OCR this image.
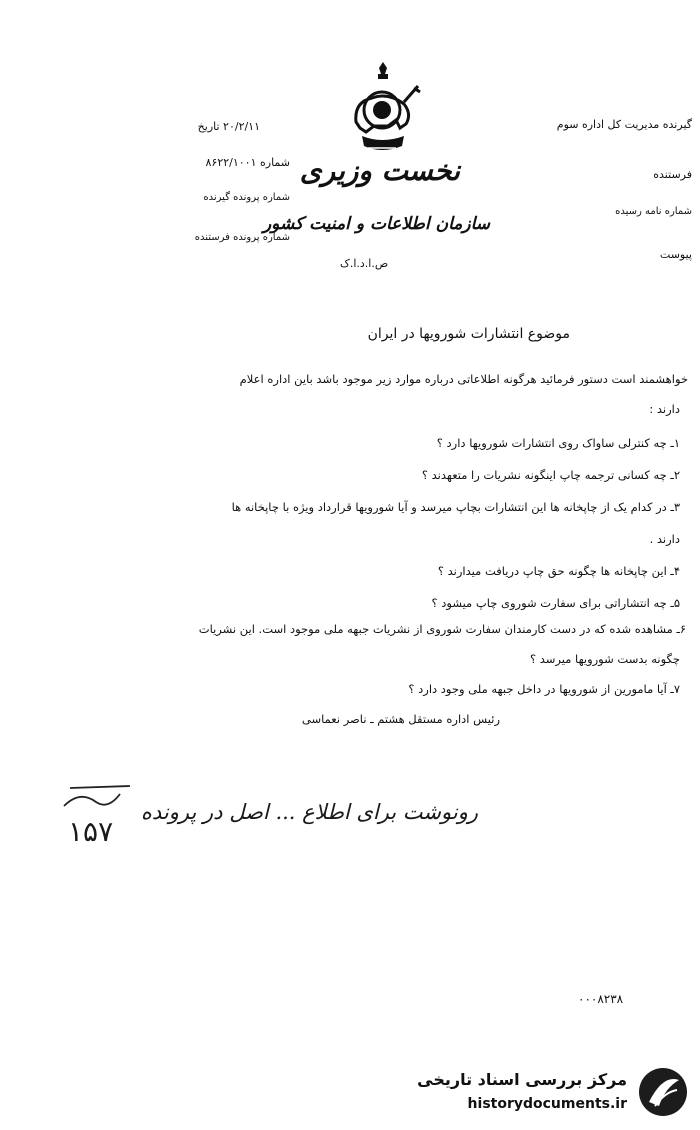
نخست وزیری
سازمان اطلاعات و امنیت کشور
ص.ا.د.ا.ک
گیرنده مدیریت کل اداره سوم
فرستنده
شماره نامه رسیده
پیوست
۲۰/۲/۱۱ تاریخ
شماره ۸۶۲۲/۱۰۰۱
شماره پرونده گیرنده
شماره پرونده فرستنده
موضوع انتشارات شورویها در ایران
خواهشمند است دستور فرمائید هرگونه اطلاعاتی درباره موارد زیر موجود باشد باین اداره اعلام
دارند :
۱ـ چه کنترلی ساواک روی انتشارات شورویها دارد ؟
۲ـ چه کسانی ترجمه چاپ اینگونه نشریات را متعهدند ؟
۳ـ در کدام یک از چاپخانه ها این انتشارات بچاپ میرسد و آیا شورویها قرارداد ویژه با چاپخانه ها
دارند .
۴ـ این چاپخانه ها چگونه حق چاپ دریافت میدارند ؟
۵ـ چه انتشاراتی برای سفارت شوروی چاپ میشود ؟
۶ـ مشاهده شده که در دست کارمندان سفارت شوروی از نشریات جبهه ملی موجود است. این نشریات
چگونه بدست شورویها میرسد ؟
۷ـ آیا مامورین از شورویها در داخل جبهه ملی وجود دارد ؟
رئیس اداره مستقل هشتم ـ ناصر نعماسی
رونوشت برای اطلاع ... اصل در پرونده
۱۵۷
۰۰۰۸۲۳۸
مرکز بررسی اسناد تاریخی
historydocuments.ir
